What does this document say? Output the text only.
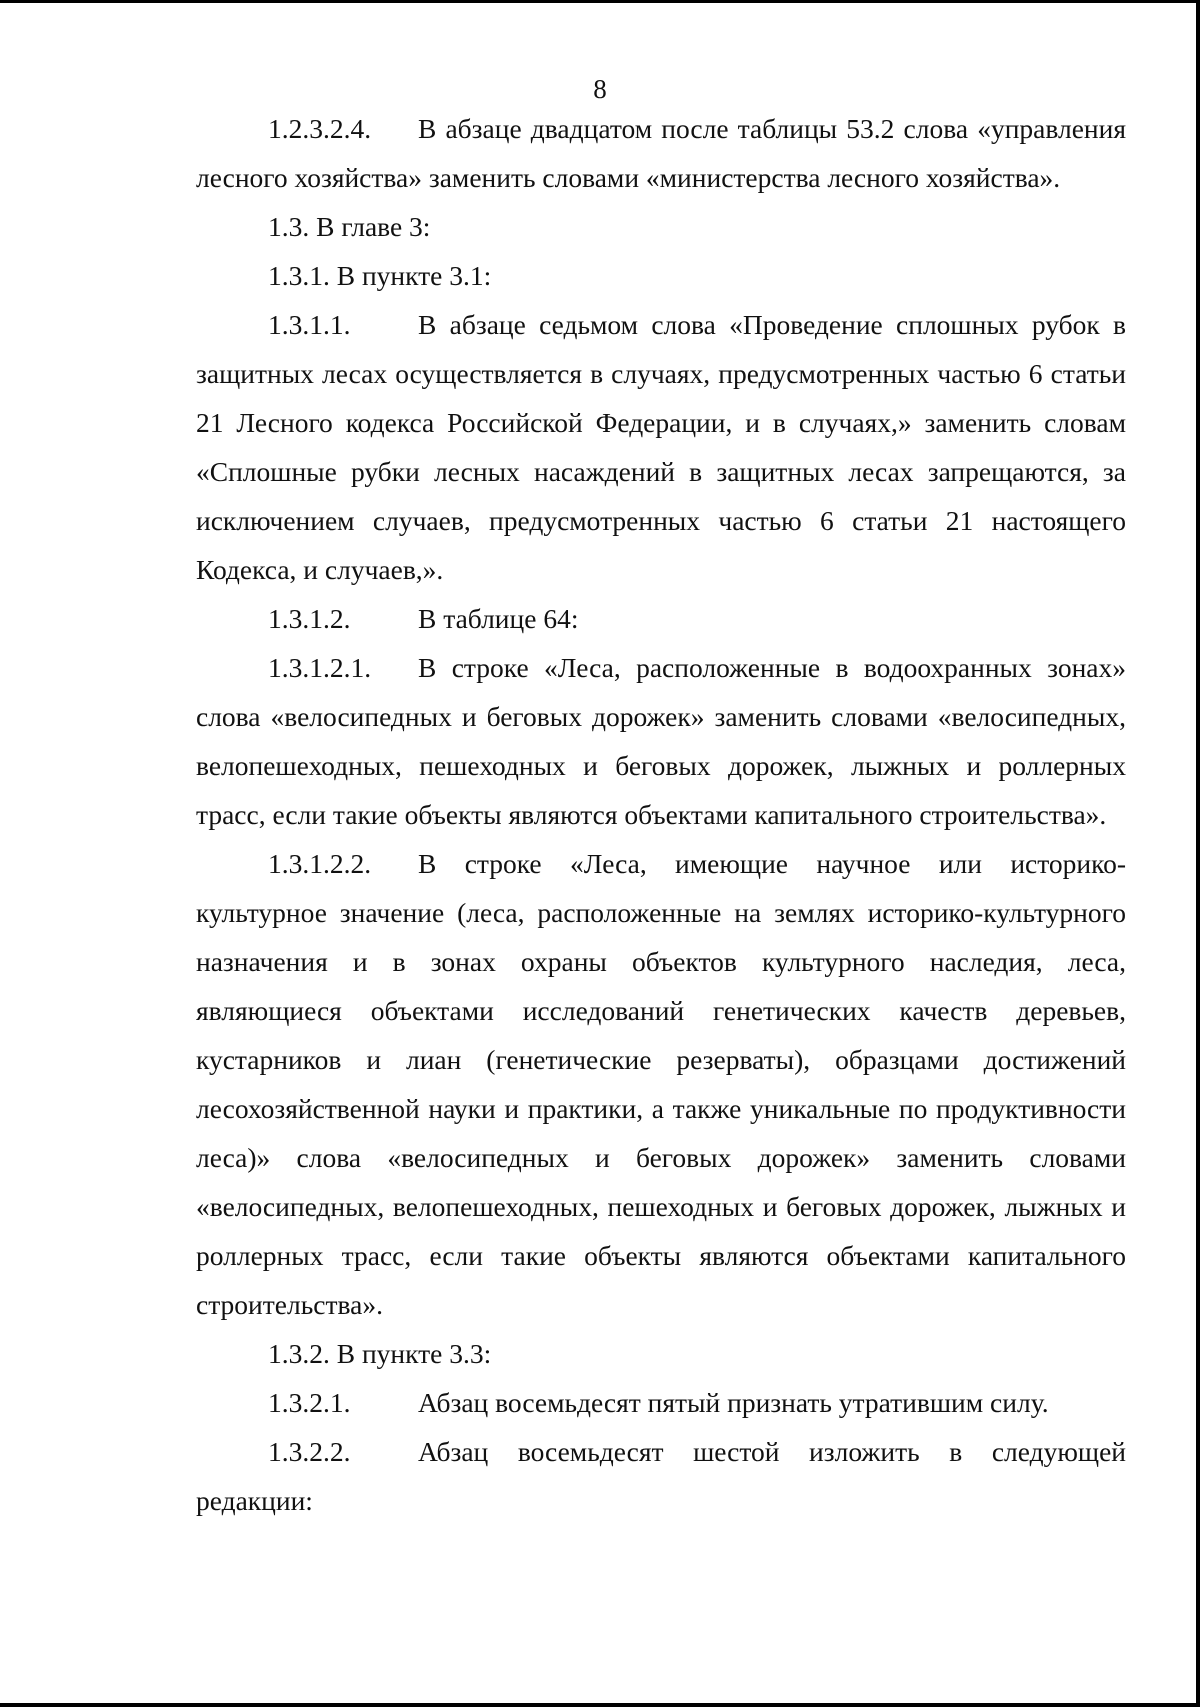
8

1.2.3.2.4. В абзаце двадцатом после таблицы 53.2 слова «управления лесного хозяйства» заменить словами «министерства лесного хозяйства».

1.3. В главе 3:

1.3.1. В пункте 3.1:

1.3.1.1. В абзаце седьмом слова «Проведение сплошных рубок в защитных лесах осуществляется в случаях, предусмотренных частью 6 статьи 21 Лесного кодекса Российской Федерации, и в случаях,» заменить словам «Сплошные рубки лесных насаждений в защитных лесах запрещаются, за исключением случаев, предусмотренных частью 6 статьи 21 настоящего Кодекса, и случаев,».

1.3.1.2. В таблице 64:

1.3.1.2.1. В строке «Леса, расположенные в водоохранных зонах» слова «велосипедных и беговых дорожек» заменить словами «велосипедных, велопешеходных, пешеходных и беговых дорожек, лыжных и роллерных трасс, если такие объекты являются объектами капитального строительства».

1.3.1.2.2. В строке «Леса, имеющие научное или историко-культурное значение (леса, расположенные на землях историко-культурного назначения и в зонах охраны объектов культурного наследия, леса, являющиеся объектами исследований генетических качеств деревьев, кустарников и лиан (генетические резерваты), образцами достижений лесохозяйственной науки и практики, а также уникальные по продуктивности леса)» слова «велосипедных и беговых дорожек» заменить словами «велосипедных, велопешеходных, пешеходных и беговых дорожек, лыжных и роллерных трасс, если такие объекты являются объектами капитального строительства».

1.3.2. В пункте 3.3:

1.3.2.1. Абзац восемьдесят пятый признать утратившим силу.

1.3.2.2. Абзац восемьдесят шестой изложить в следующей редакции:
